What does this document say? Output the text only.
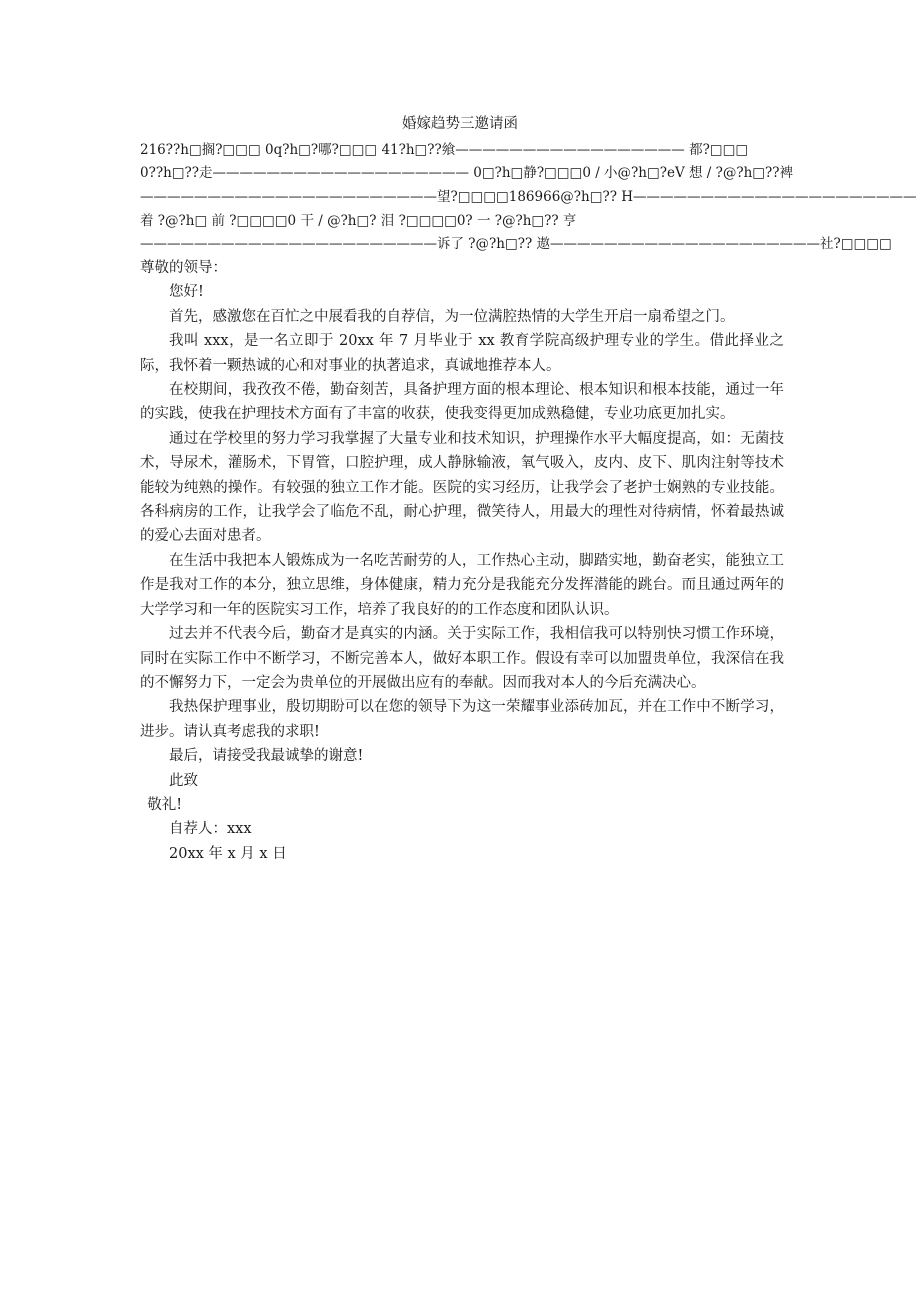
婚嫁趋势三邀请函
216??h□搁?□□□ 0q?h□?哪?□□□ 41?h□??飨————————————————— 都?□□□
0??h□??走——————————————————— 0□?h□静?□□□0 / 小@?h□?eV 想 / ?@?h□??裨
——————————————————————望?□□□□186966@?h□?? H—————————————————————
着 ?@?h□ 前 ?□□□□0 干 / @?h□? 泪 ?□□□□0? 一 ?@?h□?? 亨
——————————————————————诉了 ?@?h□?? 遨————————————————————社?□□□□

尊敬的领导：

您好!

首先，感激您在百忙之中展看我的自荐信，为一位满腔热情的大学生开启一扇希望之门。

我叫 xxx，是一名立即于 20xx 年 7 月毕业于 xx 教育学院高级护理专业的学生。借此择业之际，我怀着一颗热诚的心和对事业的执著追求，真诚地推荐本人。

在校期间，我孜孜不倦，勤奋刻苦，具备护理方面的根本理论、根本知识和根本技能，通过一年的实践，使我在护理技术方面有了丰富的收获，使我变得更加成熟稳健，专业功底更加扎实。

通过在学校里的努力学习我掌握了大量专业和技术知识，护理操作水平大幅度提高，如：无菌技术，导尿术，灌肠术，下胃管，口腔护理，成人静脉输液，氧气吸入，皮内、皮下、肌肉注射等技术能较为纯熟的操作。有较强的独立工作才能。医院的实习经历，让我学会了老护士娴熟的专业技能。各科病房的工作，让我学会了临危不乱，耐心护理，微笑待人，用最大的理性对待病情，怀着最热诚的爱心去面对患者。

在生活中我把本人锻炼成为一名吃苦耐劳的人，工作热心主动，脚踏实地，勤奋老实，能独立工作是我对工作的本分，独立思维，身体健康，精力充分是我能充分发挥潜能的跳台。而且通过两年的大学学习和一年的医院实习工作，培养了我良好的的工作态度和团队认识。

过去并不代表今后，勤奋才是真实的内涵。关于实际工作，我相信我可以特别快习惯工作环境，同时在实际工作中不断学习，不断完善本人，做好本职工作。假设有幸可以加盟贵单位，我深信在我的不懈努力下，一定会为贵单位的开展做出应有的奉献。因而我对本人的今后充满决心。

我热保护理事业，殷切期盼可以在您的领导下为这一荣耀事业添砖加瓦，并在工作中不断学习，进步。请认真考虑我的求职!

最后，请接受我最诚挚的谢意!

此致

敬礼!

自荐人：xxx

20xx 年 x 月 x 日
